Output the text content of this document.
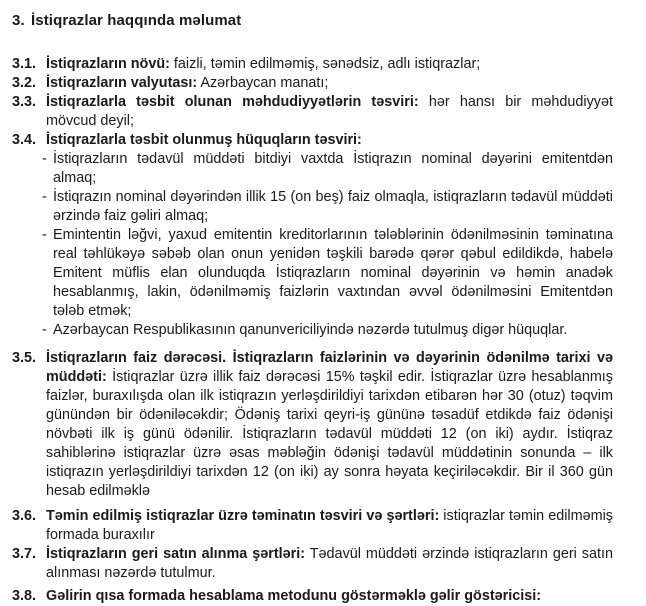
3. İstiqrazlar haqqında məlumat
3.1. İstiqrazların növü: faizli, təmin edilməmiş, sənədsiz, adlı istiqrazlar;
3.2. İstiqrazların valyutası: Azərbaycan manatı;
3.3. İstiqrazlarla təsbit olunan məhdudiyyətlərin təsviri: hər hansı bir məhdudiyyət mövcud deyil;
3.4. İstiqrazlarla təsbit olunmuş hüquqların təsviri:
- İstiqrazların tədavül müddəti bitdiyi vaxtda İstiqrazın nominal dəyərini emitentdən almaq;
- İstiqrazın nominal dəyərindən illik 15 (on beş) faiz olmaqla, istiqrazların tədavül müddəti ərzində faiz gəliri almaq;
- Emintentin ləğvi, yaxud emitentin kreditorlarının tələblərinin ödənilməsinin təminatına real təhlükəyə səbəb olan onun yenidən təşkili barədə qərər qəbul edildikdə, habelə Emitent müflis elan olunduqda İstiqrazların nominal dəyərinin və həmin anadək hesablanmış, lakin, ödənilməmiş faizlərin vaxtından əvvəl ödənilməsini Emitentdən tələb etmək;
- Azərbaycan Respublikasının qanunvericiliyində nəzərdə tutulmuş digər hüquqlar.
3.5. İstiqrazların faiz dərəcəsi. İstiqrazların faizlərinin və dəyərinin ödənilmə tarixi və müddəti: İstiqrazlar üzrə illik faiz dərəcəsi 15% təşkil edir. İstiqrazlar üzrə hesablanmış faizlər, buraxılışda olan ilk istiqrazın yerləşdirildiyi tarixdən etibarən hər 30 (otuz) təqvim günündən bir ödəniləcəkdir; Ödəniş tarixi qeyri-iş gününə təsadüf etdikdə faiz ödənişi növbəti ilk iş günü ödənilir. İstiqrazların tədavül müddəti 12 (on iki) aydır. İstiqraz sahiblərinə istiqrazlar üzrə əsas məbləğin ödənişi tədavül müddətinin sonunda – ilk istiqrazın yerləşdirildiyi tarixdən 12 (on iki) ay sonra həyata keçiriləcəkdir. Bir il 360 gün hesab edilməklə
3.6. Təmin edilmiş istiqrazlar üzrə təminatın təsviri və şərtləri: istiqrazlar təmin edilməmiş formada buraxılır
3.7. İstiqrazların geri satın alınma şərtləri: Tədavül müddəti ərzində istiqrazların geri satın alınması nəzərdə tutulmur.
3.8. Gəlirin qısa formada hesablama metodunu göstərməklə gəlir göstəricisi:
